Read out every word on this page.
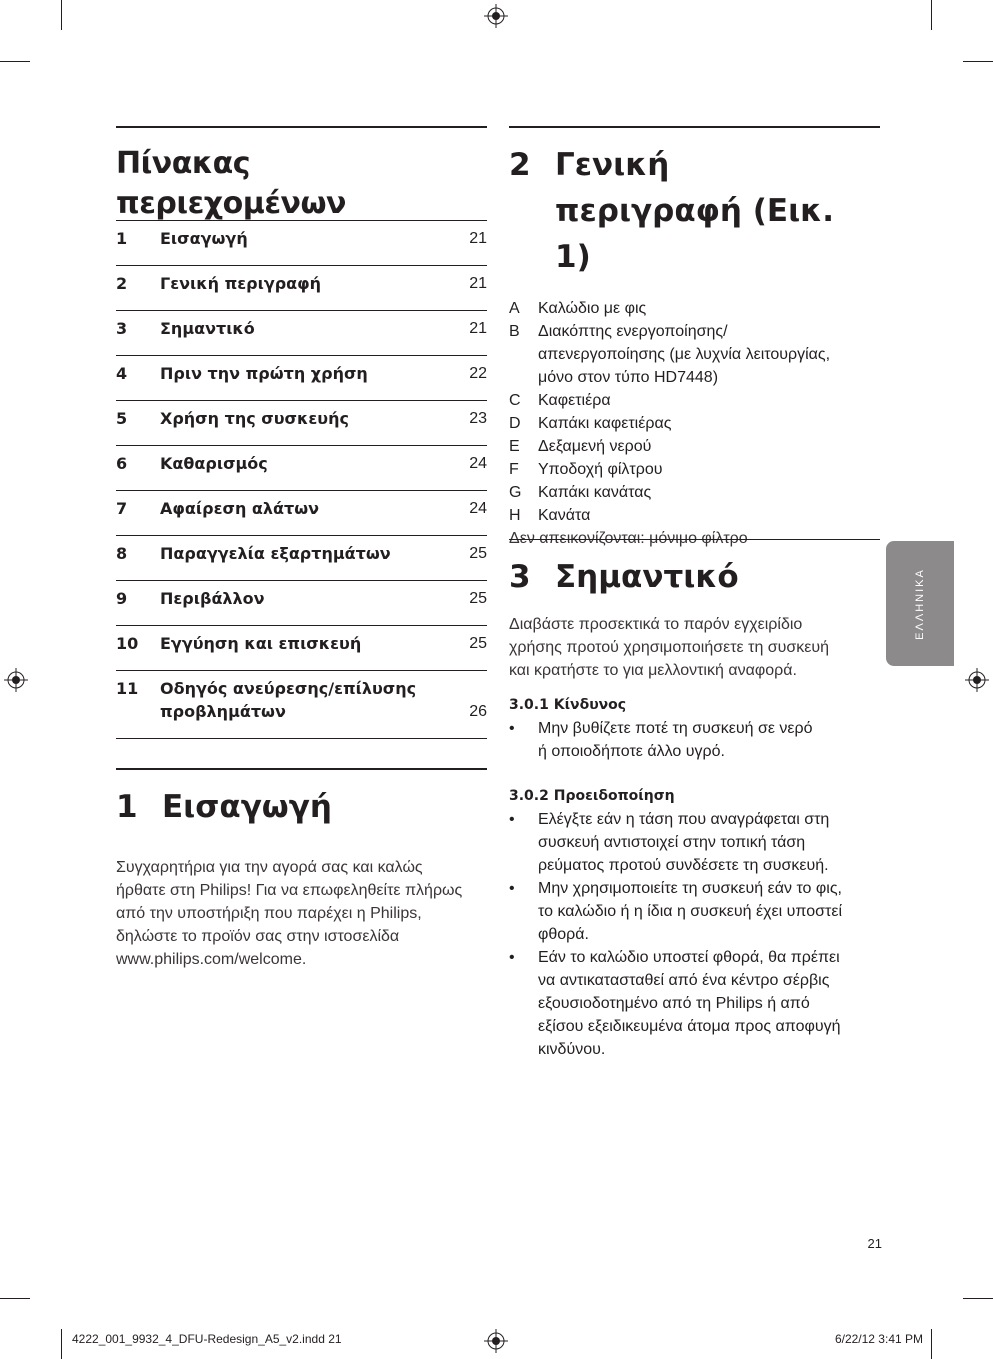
Πίνακας περιεχομένων
1	Εισαγωγή	21
2	Γενική περιγραφή	21
3	Σημαντικό	21
4	Πριν την πρώτη χρήση	22
5	Χρήση της συσκευής	23
6	Καθαρισμός	24
7	Αφαίρεση αλάτων	24
8	Παραγγελία εξαρτημάτων	25
9	Περιβάλλον	25
10	Εγγύηση και επισκευή	25
11	Οδηγός ανεύρεσης/επίλυσης
προβλημάτων	26
1 Εισαγωγή

Συγχαρητήρια για την αγορά σας και καλώς

ήρθατε στη Philips! Για να επωφεληθείτε πλήρως

από την υποστήριξη που παρέχει η Philips,

δηλώστε το προϊόν σας στην ιστοσελίδα

www.philips.com/welcome.

2 Γενική
περιγραφή (Εικ. 1)
A	Καλώδιο με φις
B	Διακόπτης ενεργοποίησης/
απενεργοποίησης (με λυχνία λειτουργίας,
μόνο στον τύπο HD7448)
C	Καφετιέρα
D	Καπάκι καφετιέρας
E	Δεξαμενή νερού
F	Υποδοχή φίλτρου
G	Καπάκι κανάτας
H	Κανάτα

Δεν απεικονίζονται: μόνιμο φίλτρο

3 Σημαντικό

Διαβάστε προσεκτικά το παρόν εγχειρίδιο

χρήσης προτού χρησιμοποιήσετε τη συσκευή

και κρατήστε το για μελλοντική αναφορά.

3.0.1 Κίνδυνος
•	Μην βυθίζετε ποτέ τη συσκευή σε νερό
ή οποιοδήποτε άλλο υγρό.
3.0.2 Προειδοποίηση
•	Ελέγξτε εάν η τάση που αναγράφεται στη
συσκευή αντιστοιχεί στην τοπική τάση
ρεύματος προτού συνδέσετε τη συσκευή.
•	Μην χρησιμοποιείτε τη συσκευή εάν το φις,
το καλώδιο ή η ίδια η συσκευή έχει υποστεί
φθορά.
•	Εάν το καλώδιο υποστεί φθορά, θα πρέπει
να αντικατασταθεί από ένα κέντρο σέρβις
εξουσιοδοτημένο από τη Philips ή από
εξίσου εξειδικευμένα άτομα προς αποφυγή
κινδύνου.
ΕΛΛΗΝΙΚΑ
21
4222_001_9932_4_DFU-Redesign_A5_v2.indd 21	6/22/12 3:41 PM
